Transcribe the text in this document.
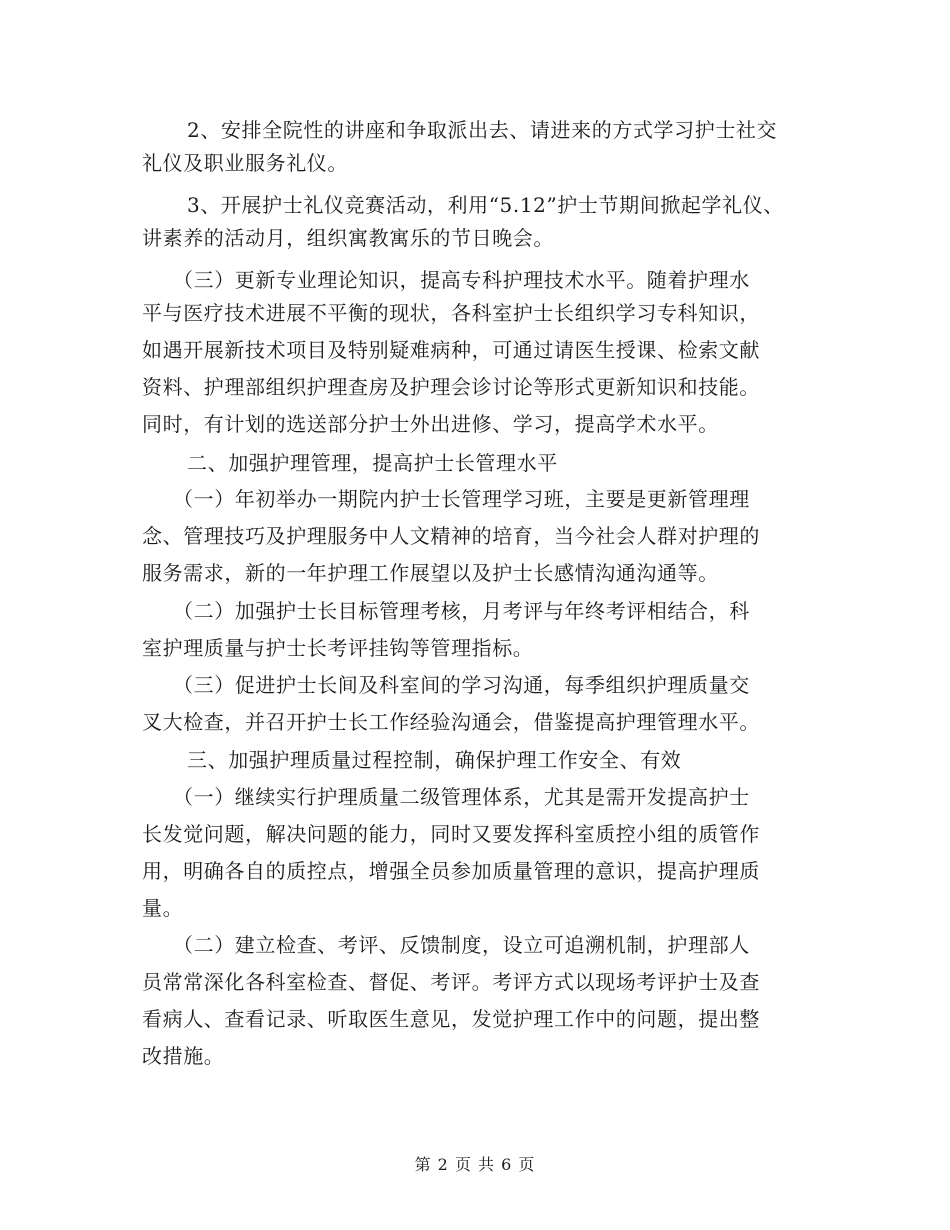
2、安排全院性的讲座和争取派出去、请进来的方式学习护士社交
礼仪及职业服务礼仪。
3、开展护士礼仪竞赛活动，利用“5.12”护士节期间掀起学礼仪、
讲素养的活动月，组织寓教寓乐的节日晚会。
（三）更新专业理论知识，提高专科护理技术水平。随着护理水
平与医疗技术进展不平衡的现状，各科室护士长组织学习专科知识，
如遇开展新技术项目及特别疑难病种，可通过请医生授课、检索文献
资料、护理部组织护理查房及护理会诊讨论等形式更新知识和技能。
同时，有计划的选送部分护士外出进修、学习，提高学术水平。
二、加强护理管理，提高护士长管理水平
（一）年初举办一期院内护士长管理学习班，主要是更新管理理
念、管理技巧及护理服务中人文精神的培育，当今社会人群对护理的
服务需求，新的一年护理工作展望以及护士长感情沟通沟通等。
（二）加强护士长目标管理考核，月考评与年终考评相结合，科
室护理质量与护士长考评挂钩等管理指标。
（三）促进护士长间及科室间的学习沟通，每季组织护理质量交
叉大检查，并召开护士长工作经验沟通会，借鉴提高护理管理水平。
三、加强护理质量过程控制，确保护理工作安全、有效
（一）继续实行护理质量二级管理体系，尤其是需开发提高护士
长发觉问题，解决问题的能力，同时又要发挥科室质控小组的质管作
用，明确各自的质控点，增强全员参加质量管理的意识，提高护理质
量。
（二）建立检查、考评、反馈制度，设立可追溯机制，护理部人
员常常深化各科室检查、督促、考评。考评方式以现场考评护士及查
看病人、查看记录、听取医生意见，发觉护理工作中的问题，提出整
改措施。
第 2 页 共 6 页
